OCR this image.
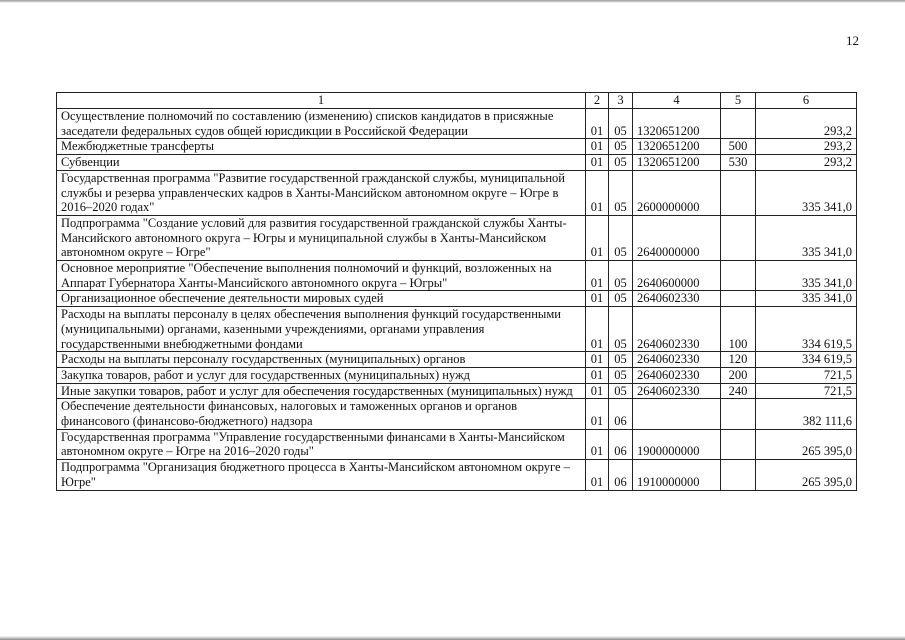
12
1	2	3	4	5	6
Осуществление полномочий по составлению (изменению) списков кандидатов в присяжные заседатели федеральных судов общей юрисдикции в Российской Федерации	01	05	1320651200		293,2
Межбюджетные трансферты	01	05	1320651200	500	293,2
Субвенции	01	05	1320651200	530	293,2
Государственная программа "Развитие государственной гражданской службы, муниципальной службы и резерва управленческих кадров в Ханты-Мансийском автономном округе – Югре в 2016–2020 годах"	01	05	2600000000		335 341,0
Подпрограмма "Создание условий для развития государственной гражданской службы Ханты-Мансийского автономного округа – Югры и муниципальной службы в Ханты-Мансийском автономном округе – Югре"	01	05	2640000000		335 341,0
Основное мероприятие "Обеспечение выполнения полномочий и функций, возложенных на Аппарат Губернатора Ханты-Мансийского автономного округа – Югры"	01	05	2640600000		335 341,0
Организационное обеспечение деятельности мировых судей	01	05	2640602330		335 341,0
Расходы на выплаты персоналу в целях обеспечения выполнения функций государственными (муниципальными) органами, казенными учреждениями, органами управления государственными внебюджетными фондами	01	05	2640602330	100	334 619,5
Расходы на выплаты персоналу государственных (муниципальных) органов	01	05	2640602330	120	334 619,5
Закупка товаров, работ и услуг для государственных (муниципальных) нужд	01	05	2640602330	200	721,5
Иные закупки товаров, работ и услуг для обеспечения государственных (муниципальных) нужд	01	05	2640602330	240	721,5
Обеспечение деятельности финансовых, налоговых и таможенных органов и органов финансового (финансово-бюджетного) надзора	01	06			382 111,6
Государственная программа "Управление государственными финансами в Ханты-Мансийском автономном округе – Югре на 2016–2020 годы"	01	06	1900000000		265 395,0
Подпрограмма "Организация бюджетного процесса в Ханты-Мансийском автономном округе – Югре"	01	06	1910000000		265 395,0
